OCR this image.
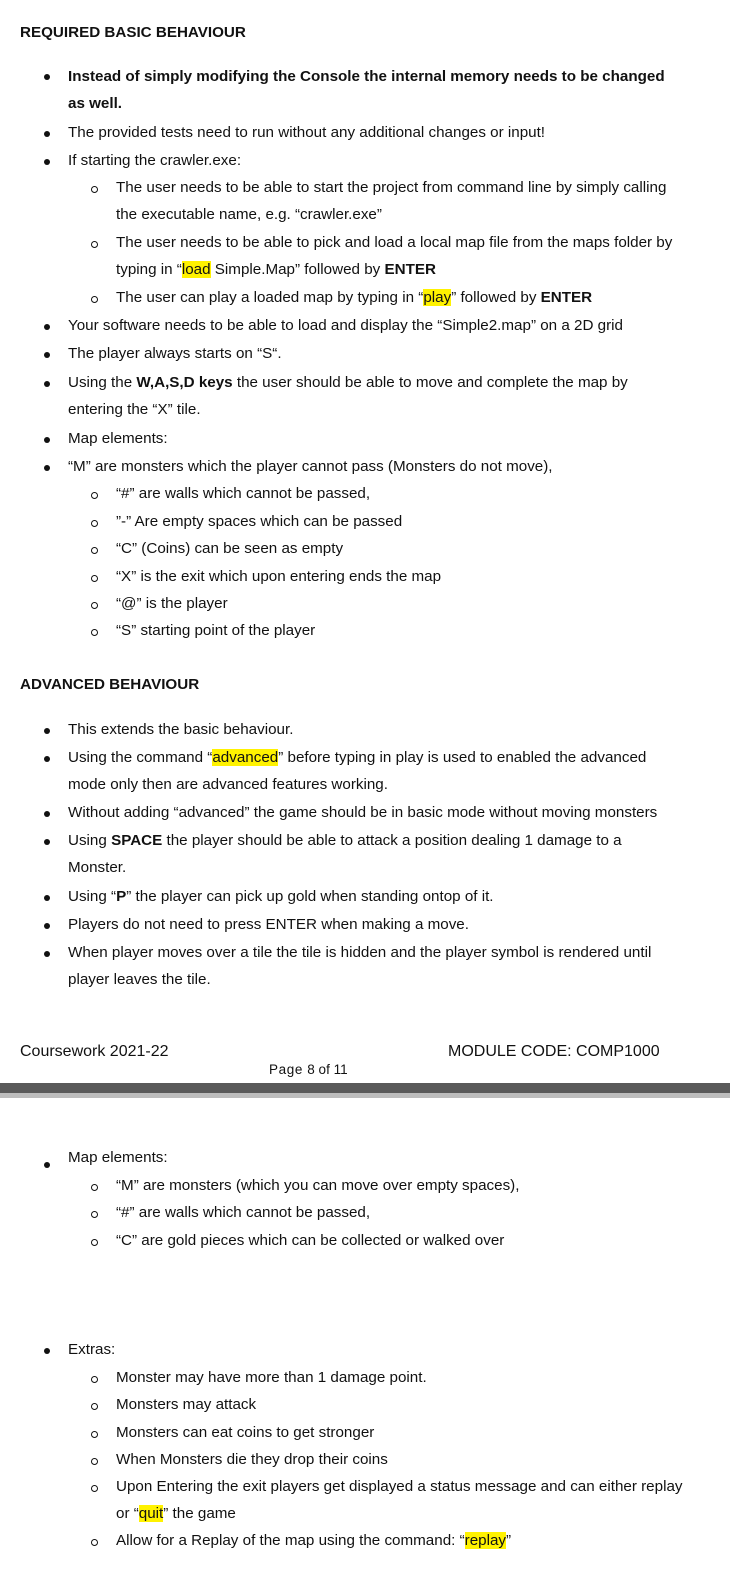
REQUIRED BASIC BEHAVIOUR
Instead of simply modifying the Console the internal memory needs to be changed
as well.
The provided tests need to run without any additional changes or input!
If starting the crawler.exe:
The user needs to be able to start the project from command line by simply calling
the executable name, e.g. “crawler.exe”
The user needs to be able to pick and load a local map file from the maps folder by
typing in “load Simple.Map” followed by ENTER
The user can play a loaded map by typing in “play” followed by ENTER
Your software needs to be able to load and display the “Simple2.map” on a 2D grid
The player always starts on “S“.
Using the W,A,S,D keys the user should be able to move and complete the map by
entering the “X” tile.
Map elements:
“M” are monsters which the player cannot pass (Monsters do not move),
“#” are walls which cannot be passed,
”-” Are empty spaces which can be passed
“C” (Coins) can be seen as empty
“X” is the exit which upon entering ends the map
“@” is the player
“S” starting point of the player
ADVANCED BEHAVIOUR
This extends the basic behaviour.
Using the command “advanced” before typing in play is used to enabled the advanced
mode only then are advanced features working.
Without adding “advanced” the game should be in basic mode without moving monsters
Using SPACE the player should be able to attack a position dealing 1 damage to a
Monster.
Using “P” the player can pick up gold when standing ontop of it.
Players do not need to press ENTER when making a move.
When player moves over a tile the tile is hidden and the player symbol is rendered until
player leaves the tile.
Coursework 2021-22	MODULE CODE: COMP1000
Page 8 of 11
Map elements:
“M” are monsters (which you can move over empty spaces),
“#” are walls which cannot be passed,
“C” are gold pieces which can be collected or walked over
Extras:
Monster may have more than 1 damage point.
Monsters may attack
Monsters can eat coins to get stronger
When Monsters die they drop their coins
Upon Entering the exit players get displayed a status message and can either replay
or “quit” the game
Allow for a Replay of the map using the command: “replay”
